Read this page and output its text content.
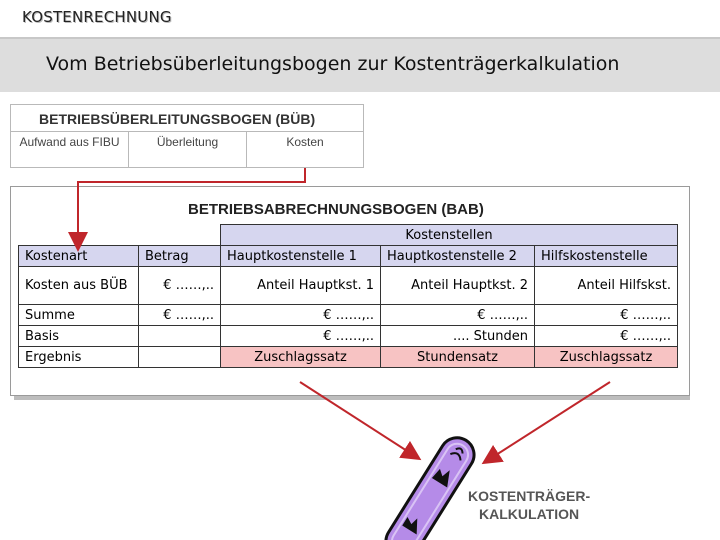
KOSTENRECHNUNG
Vom Betriebsüberleitungsbogen zur Kostenträgerkalkulation
BETRIEBSÜBERLEITUNGSBOGEN (BÜB)
Aufwand aus FIBU	Überleitung	Kosten
BETRIEBSABRECHNUNGSBOGEN (BAB)
		Kostenstellen		
Kostenart	Betrag	Hauptkostenstelle 1	Hauptkostenstelle 2	Hilfskostenstelle
Kosten aus BÜB	€ ……,..	Anteil Hauptkst. 1	Anteil Hauptkst. 2	Anteil Hilfskst.
Summe	€ ……,..	€ ……,..	€ ……,..	€ ……,..
Basis		€ ……,..	.... Stunden	€ ……,..
Ergebnis		Zuschlagssatz	Stundensatz	Zuschlagssatz
KOSTENTRÄGER-
KALKULATION
